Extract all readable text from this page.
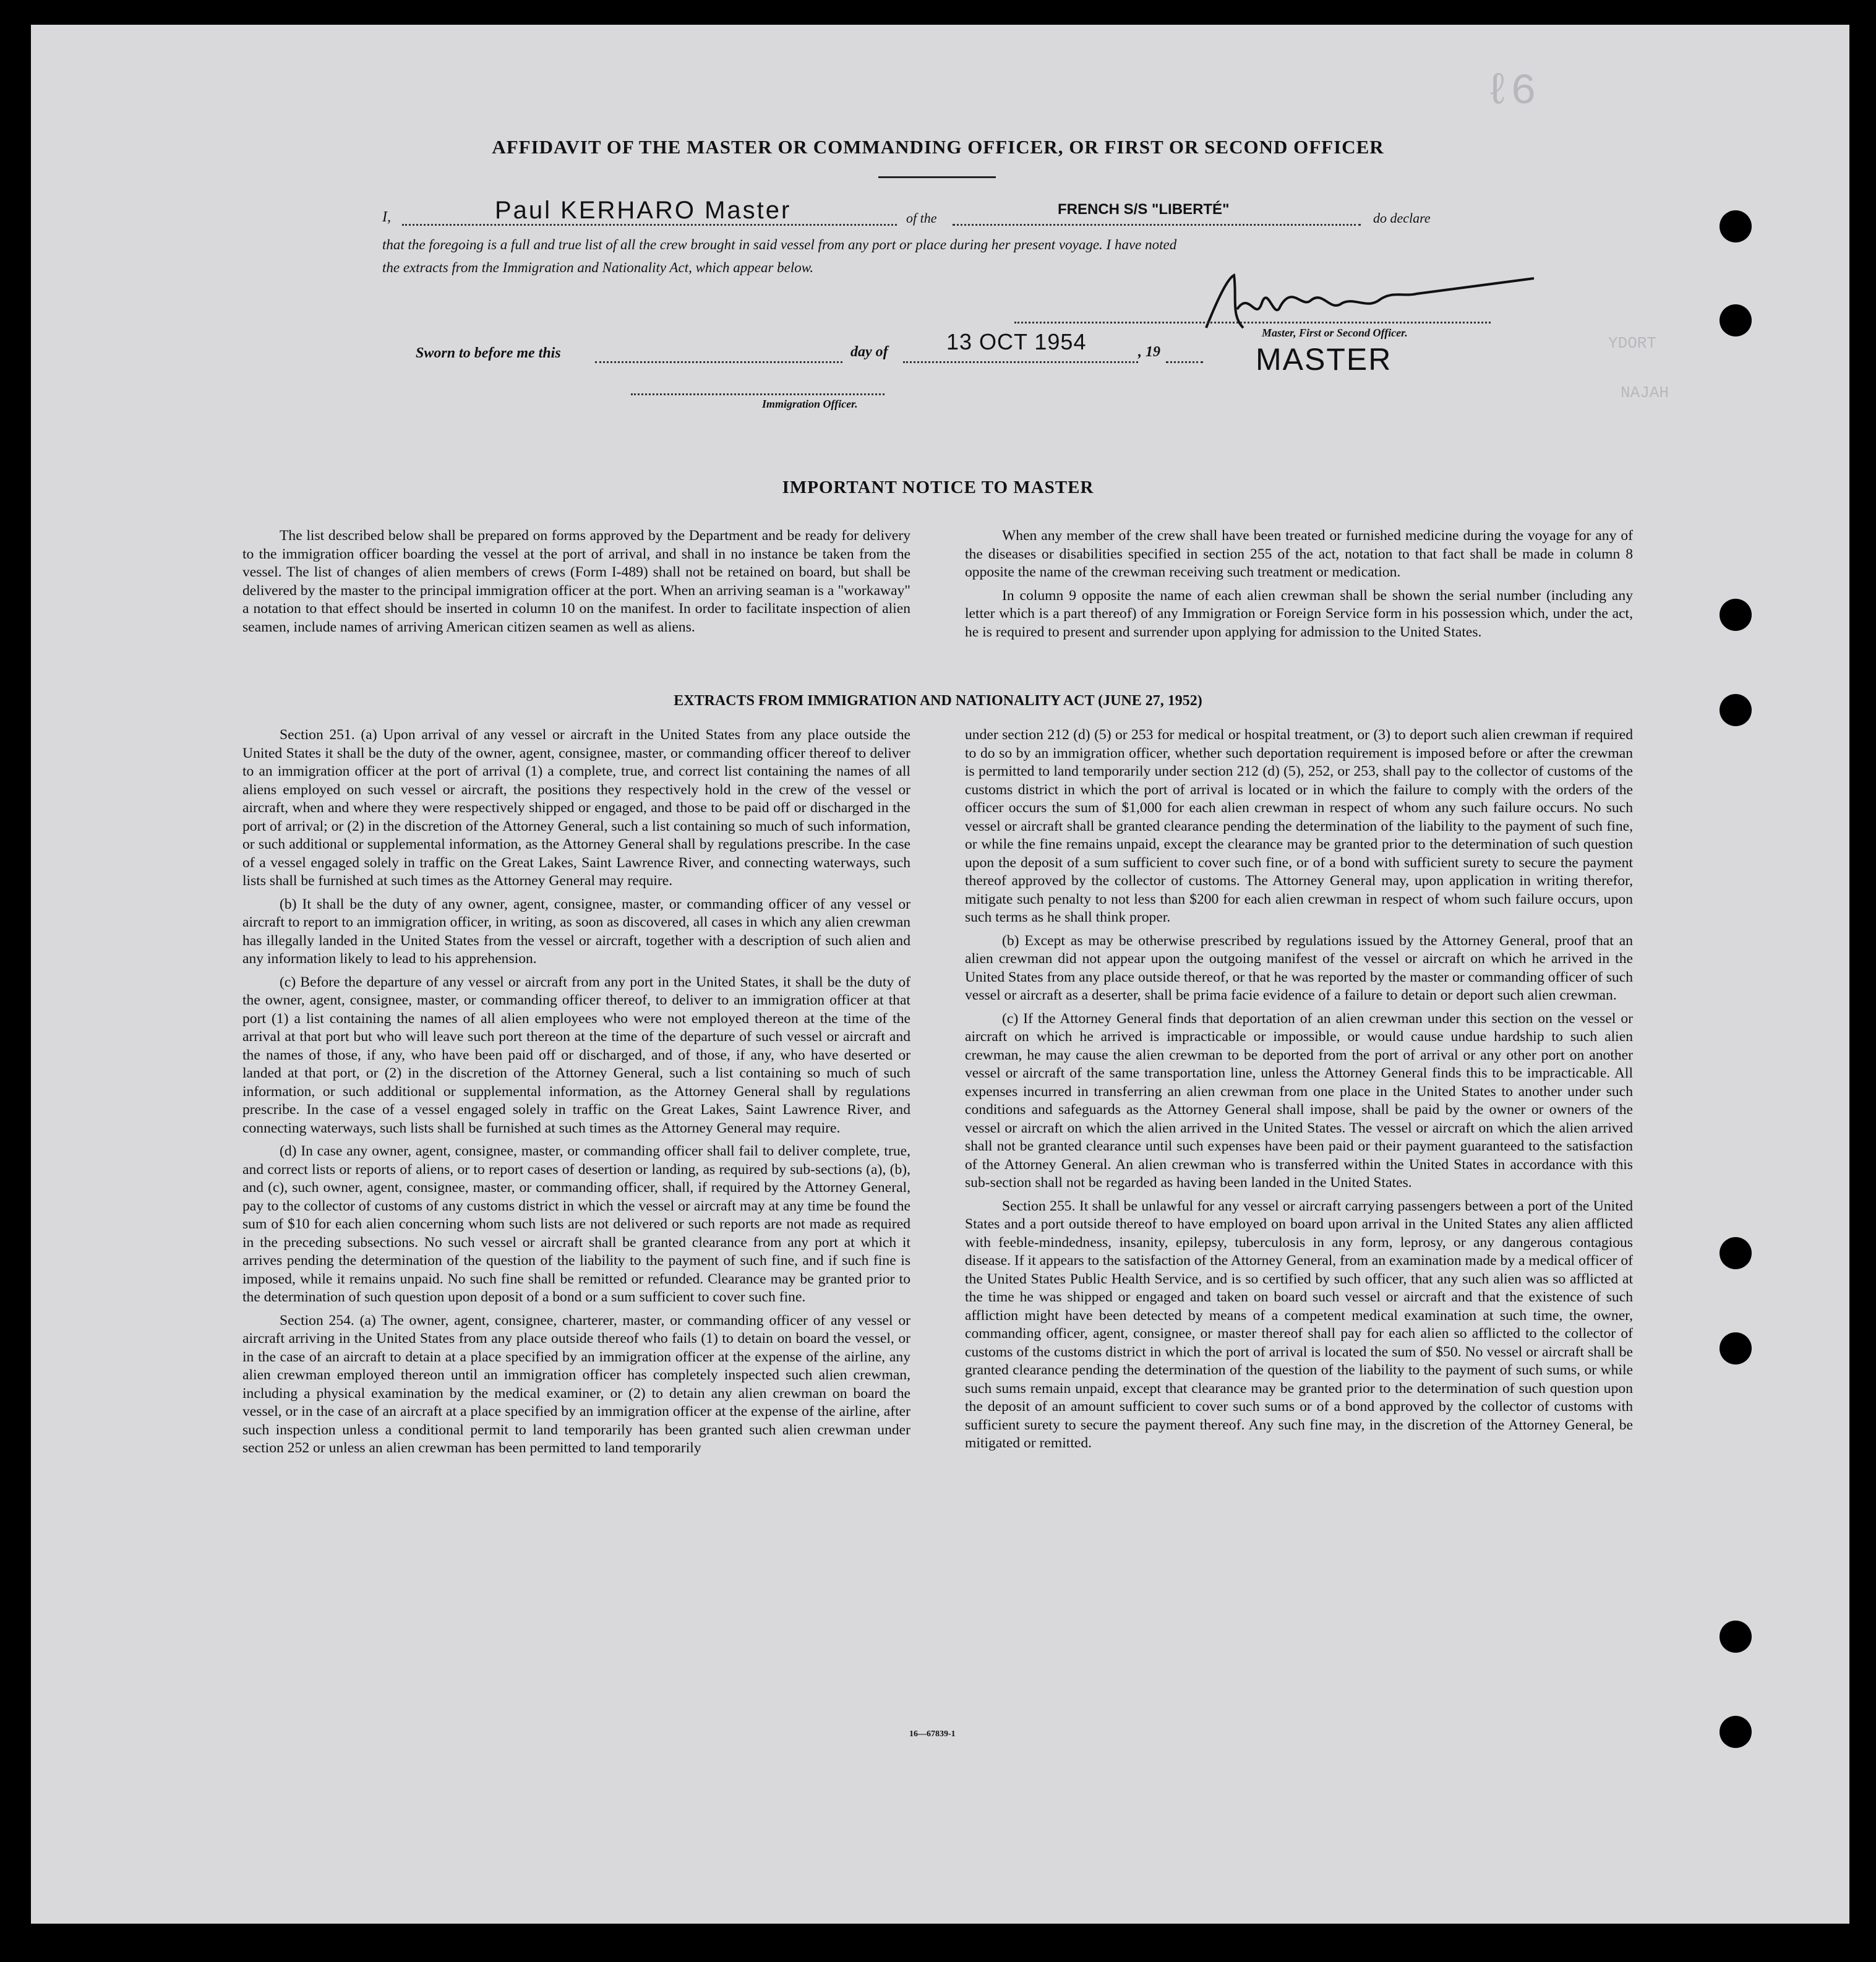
ℓ6
YDORT
NAJAH
AFFIDAVIT OF THE MASTER OR COMMANDING OFFICER, OR FIRST OR SECOND OFFICER
I,	Paul KERHARO Master	of the
FRENCH S/S "LIBERTÉ"
do declare
that the foregoing is a full and true list of all the crew brought in said vessel from any port or place during her present voyage. I have noted
the extracts from the Immigration and Nationality Act, which appear below.
Master, First or Second Officer.
MASTER
Sworn to before me this	day of	13 OCT 1954	, 19
Immigration Officer.
IMPORTANT NOTICE TO MASTER

The list described below shall be prepared on forms approved by the Department and be ready for delivery to the immigration officer boarding the vessel at the port of arrival, and shall in no instance be taken from the vessel. The list of changes of alien members of crews (Form I-489) shall not be retained on board, but shall be delivered by the master to the principal immigration officer at the port. When an arriving seaman is a "workaway" a notation to that effect should be inserted in column 10 on the manifest. In order to facilitate inspection of alien seamen, include names of arriving American citizen seamen as well as aliens.

When any member of the crew shall have been treated or furnished medicine during the voyage for any of the diseases or disabilities specified in section 255 of the act, notation to that fact shall be made in column 8 opposite the name of the crewman receiving such treatment or medication.

In column 9 opposite the name of each alien crewman shall be shown the serial number (including any letter which is a part thereof) of any Immigration or Foreign Service form in his possession which, under the act, he is required to present and surrender upon applying for admission to the United States.

EXTRACTS FROM IMMIGRATION AND NATIONALITY ACT (JUNE 27, 1952)

Section 251. (a) Upon arrival of any vessel or aircraft in the United States from any place outside the United States it shall be the duty of the owner, agent, consignee, master, or commanding officer thereof to deliver to an immigration officer at the port of arrival (1) a complete, true, and correct list containing the names of all aliens employed on such vessel or aircraft, the positions they respectively hold in the crew of the vessel or aircraft, when and where they were respectively shipped or engaged, and those to be paid off or discharged in the port of arrival; or (2) in the discretion of the Attorney General, such a list containing so much of such information, or such additional or supplemental information, as the Attorney General shall by regulations prescribe. In the case of a vessel engaged solely in traffic on the Great Lakes, Saint Lawrence River, and connecting waterways, such lists shall be furnished at such times as the Attorney General may require.

(b) It shall be the duty of any owner, agent, consignee, master, or commanding officer of any vessel or aircraft to report to an immigration officer, in writing, as soon as discovered, all cases in which any alien crewman has illegally landed in the United States from the vessel or aircraft, together with a description of such alien and any information likely to lead to his apprehension.

(c) Before the departure of any vessel or aircraft from any port in the United States, it shall be the duty of the owner, agent, consignee, master, or commanding officer thereof, to deliver to an immigration officer at that port (1) a list containing the names of all alien employees who were not employed thereon at the time of the arrival at that port but who will leave such port thereon at the time of the departure of such vessel or aircraft and the names of those, if any, who have been paid off or discharged, and of those, if any, who have deserted or landed at that port, or (2) in the discretion of the Attorney General, such a list containing so much of such information, or such additional or supplemental information, as the Attorney General shall by regulations prescribe. In the case of a vessel engaged solely in traffic on the Great Lakes, Saint Lawrence River, and connecting waterways, such lists shall be furnished at such times as the Attorney General may require.

(d) In case any owner, agent, consignee, master, or commanding officer shall fail to deliver complete, true, and correct lists or reports of aliens, or to report cases of desertion or landing, as required by sub-sections (a), (b), and (c), such owner, agent, consignee, master, or commanding officer, shall, if required by the Attorney General, pay to the collector of customs of any customs district in which the vessel or aircraft may at any time be found the sum of $10 for each alien concerning whom such lists are not delivered or such reports are not made as required in the preceding subsections. No such vessel or aircraft shall be granted clearance from any port at which it arrives pending the determination of the question of the liability to the payment of such fine, and if such fine is imposed, while it remains unpaid. No such fine shall be remitted or refunded. Clearance may be granted prior to the determination of such question upon deposit of a bond or a sum sufficient to cover such fine.

Section 254. (a) The owner, agent, consignee, charterer, master, or commanding officer of any vessel or aircraft arriving in the United States from any place outside thereof who fails (1) to detain on board the vessel, or in the case of an aircraft to detain at a place specified by an immigration officer at the expense of the airline, any alien crewman employed thereon until an immigration officer has completely inspected such alien crewman, including a physical examination by the medical examiner, or (2) to detain any alien crewman on board the vessel, or in the case of an aircraft at a place specified by an immigration officer at the expense of the airline, after such inspection unless a conditional permit to land temporarily has been granted such alien crewman under section 252 or unless an alien crewman has been permitted to land temporarily

under section 212 (d) (5) or 253 for medical or hospital treatment, or (3) to deport such alien crewman if required to do so by an immigration officer, whether such deportation requirement is imposed before or after the crewman is permitted to land temporarily under section 212 (d) (5), 252, or 253, shall pay to the collector of customs of the customs district in which the port of arrival is located or in which the failure to comply with the orders of the officer occurs the sum of $1,000 for each alien crewman in respect of whom any such failure occurs. No such vessel or aircraft shall be granted clearance pending the determination of the liability to the payment of such fine, or while the fine remains unpaid, except the clearance may be granted prior to the determination of such question upon the deposit of a sum sufficient to cover such fine, or of a bond with sufficient surety to secure the payment thereof approved by the collector of customs. The Attorney General may, upon application in writing therefor, mitigate such penalty to not less than $200 for each alien crewman in respect of whom such failure occurs, upon such terms as he shall think proper.

(b) Except as may be otherwise prescribed by regulations issued by the Attorney General, proof that an alien crewman did not appear upon the outgoing manifest of the vessel or aircraft on which he arrived in the United States from any place outside thereof, or that he was reported by the master or commanding officer of such vessel or aircraft as a deserter, shall be prima facie evidence of a failure to detain or deport such alien crewman.

(c) If the Attorney General finds that deportation of an alien crewman under this section on the vessel or aircraft on which he arrived is impracticable or impossible, or would cause undue hardship to such alien crewman, he may cause the alien crewman to be deported from the port of arrival or any other port on another vessel or aircraft of the same transportation line, unless the Attorney General finds this to be impracticable. All expenses incurred in transferring an alien crewman from one place in the United States to another under such conditions and safeguards as the Attorney General shall impose, shall be paid by the owner or owners of the vessel or aircraft on which the alien arrived in the United States. The vessel or aircraft on which the alien arrived shall not be granted clearance until such expenses have been paid or their payment guaranteed to the satisfaction of the Attorney General. An alien crewman who is transferred within the United States in accordance with this sub-section shall not be regarded as having been landed in the United States.

Section 255. It shall be unlawful for any vessel or aircraft carrying passengers between a port of the United States and a port outside thereof to have employed on board upon arrival in the United States any alien afflicted with feeble-mindedness, insanity, epilepsy, tuberculosis in any form, leprosy, or any dangerous contagious disease. If it appears to the satisfaction of the Attorney General, from an examination made by a medical officer of the United States Public Health Service, and is so certified by such officer, that any such alien was so afflicted at the time he was shipped or engaged and taken on board such vessel or aircraft and that the existence of such affliction might have been detected by means of a competent medical examination at such time, the owner, commanding officer, agent, consignee, or master thereof shall pay for each alien so afflicted to the collector of customs of the customs district in which the port of arrival is located the sum of $50. No vessel or aircraft shall be granted clearance pending the determination of the question of the liability to the payment of such sums, or while such sums remain unpaid, except that clearance may be granted prior to the determination of such question upon the deposit of an amount sufficient to cover such sums or of a bond approved by the collector of customs with sufficient surety to secure the payment thereof. Any such fine may, in the discretion of the Attorney General, be mitigated or remitted.

16—67839-1
